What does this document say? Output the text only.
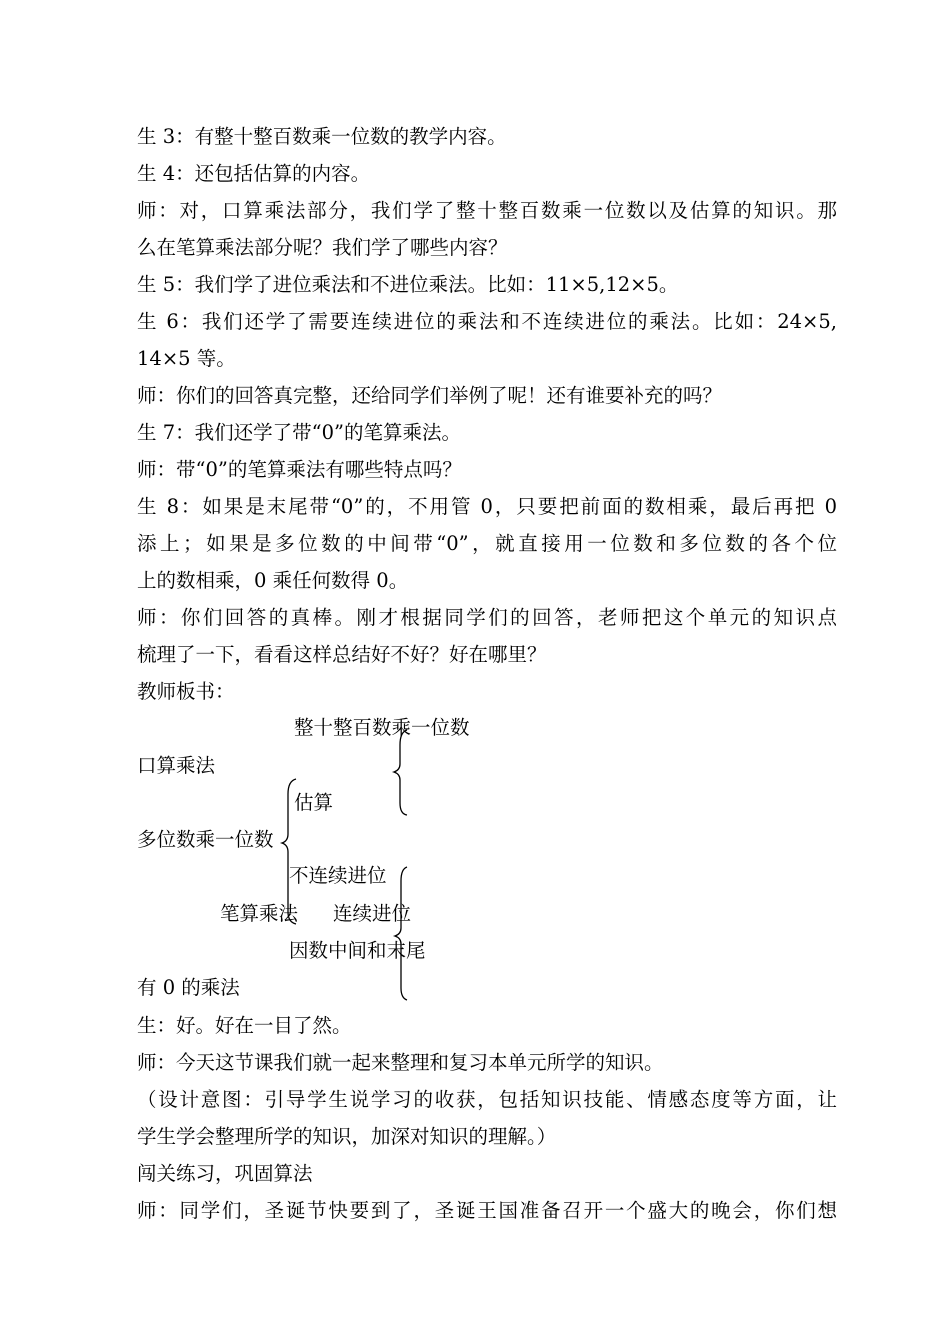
生 3：有整十整百数乘一位数的教学内容。
生 4：还包括估算的内容。
师：对，口算乘法部分，我们学了整十整百数乘一位数以及估算的知识。那
么在笔算乘法部分呢？我们学了哪些内容？
生 5：我们学了进位乘法和不进位乘法。比如：11×5,12×5。
生 6：我们还学了需要连续进位的乘法和不连续进位的乘法。比如：24×5,
14×5 等。
师：你们的回答真完整，还给同学们举例了呢！还有谁要补充的吗？
生 7：我们还学了带“0”的笔算乘法。
师：带“0”的笔算乘法有哪些特点吗？
生 8：如果是末尾带“0”的，不用管 0，只要把前面的数相乘，最后再把 0
添上；如果是多位数的中间带“0”，就直接用一位数和多位数的各个位
上的数相乘，0 乘任何数得 0。
师：你们回答的真棒。刚才根据同学们的回答，老师把这个单元的知识点
梳理了一下，看看这样总结好不好？好在哪里？
教师板书：
整十整百数乘一位数
口算乘法
估算
多位数乘一位数
不连续进位
笔算乘法 连续进位
因数中间和末尾
有 0 的乘法
生：好。好在一目了然。
师：今天这节课我们就一起来整理和复习本单元所学的知识。
（设计意图：引导学生说学习的收获，包括知识技能、情感态度等方面，让
学生学会整理所学的知识，加深对知识的理解。）
闯关练习，巩固算法
师：同学们，圣诞节快要到了，圣诞王国准备召开一个盛大的晚会，你们想
